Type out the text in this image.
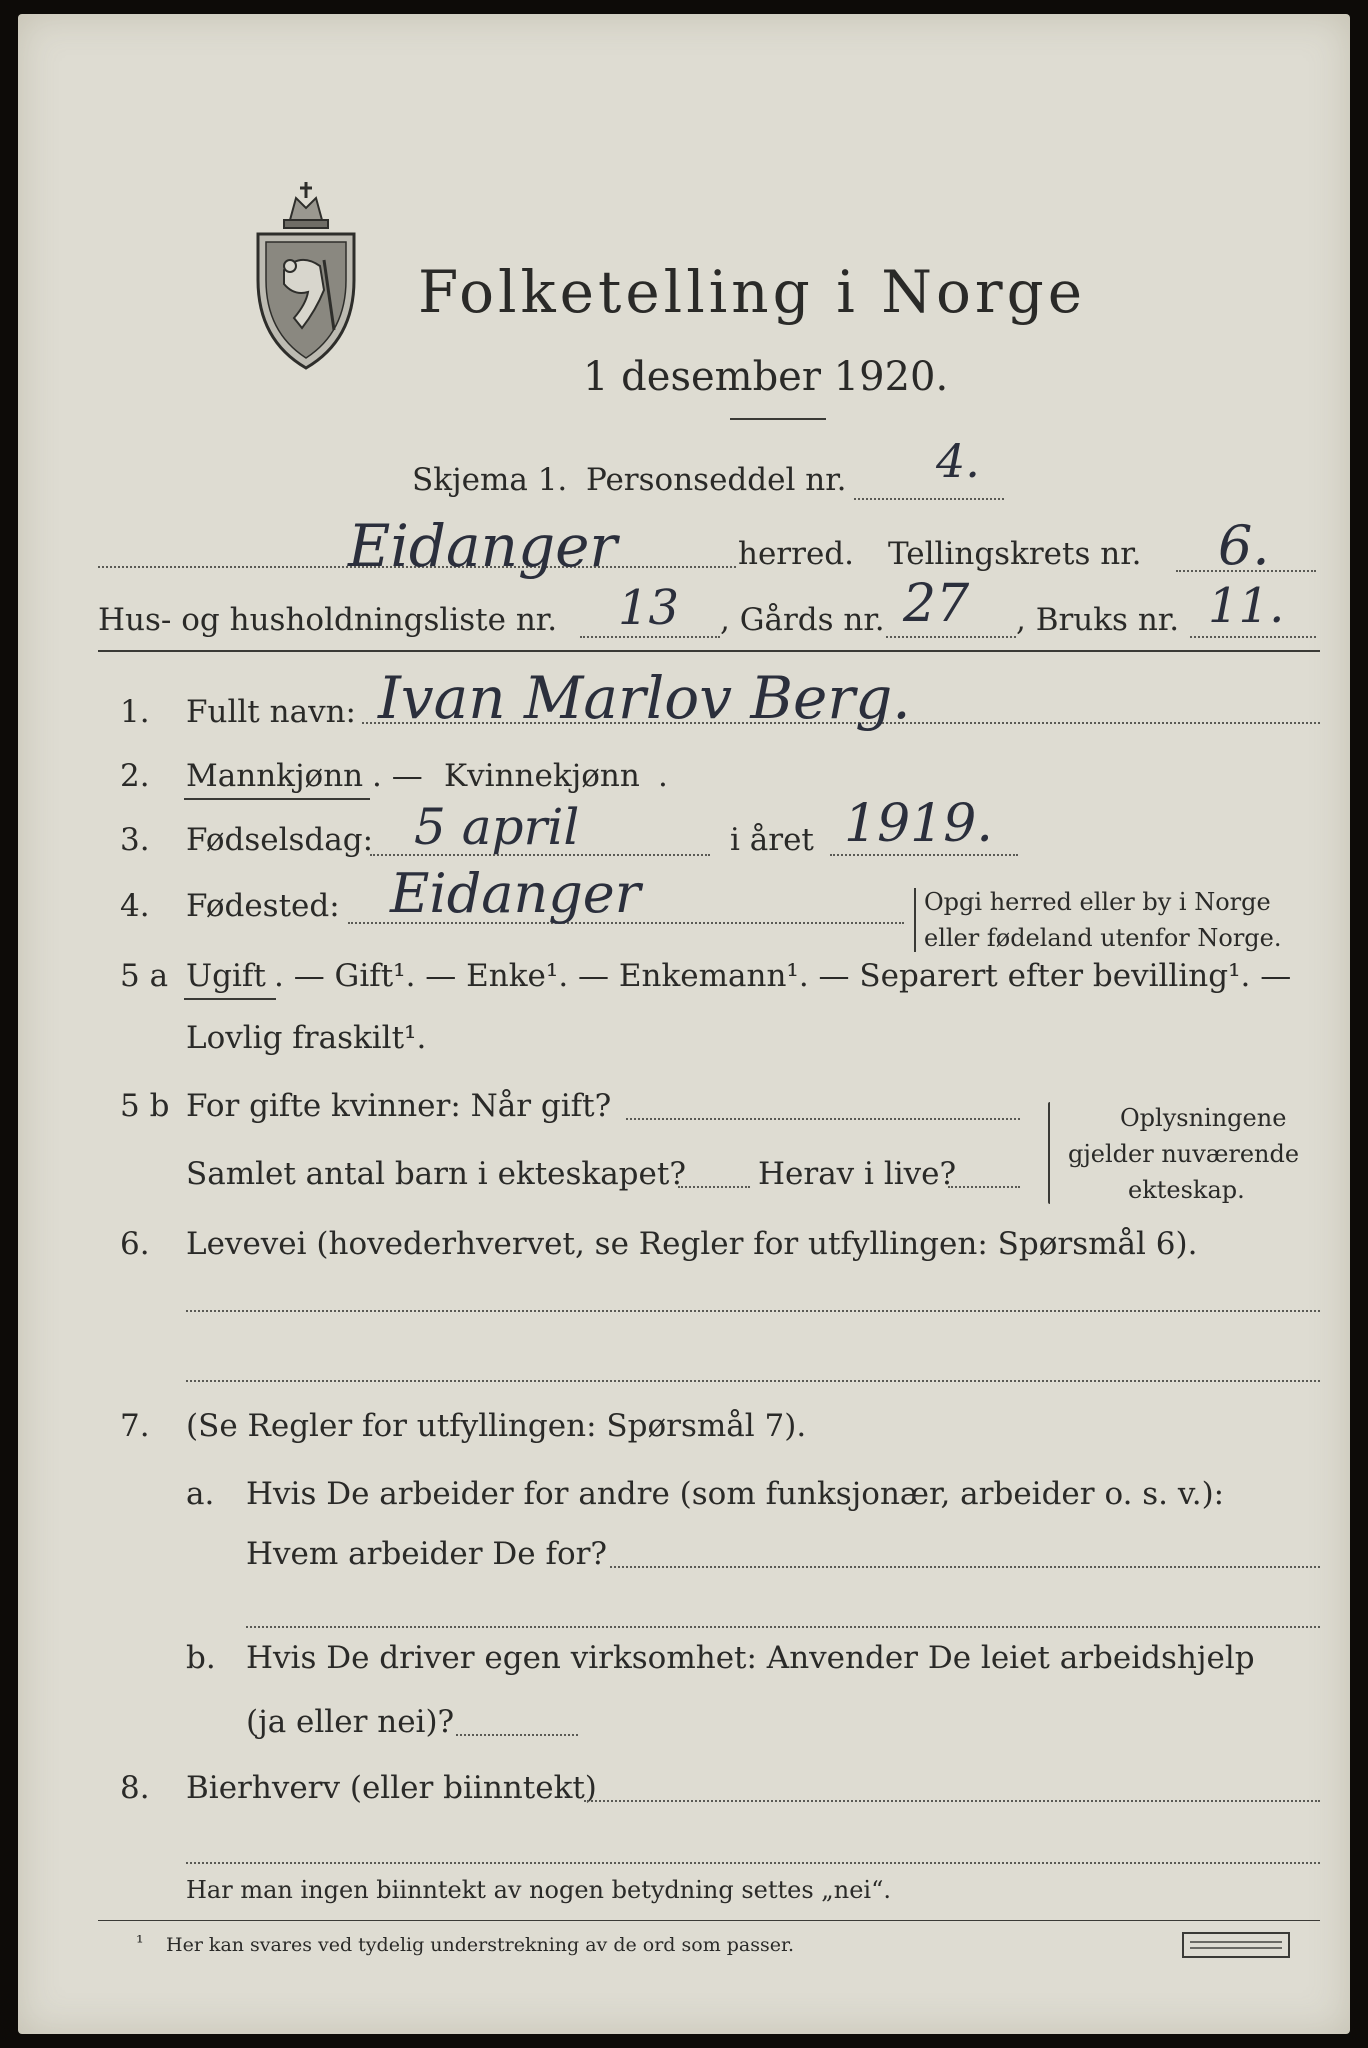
Folketelling i Norge
1 desember 1920.
Skjema 1. Personseddel nr. 4.
Eidanger	herred. Tellingskrets nr. 6.
Hus- og husholdningsliste nr. 13 , Gårds nr. 27 , Bruks nr. 11.
1. Fullt navn: Ivan Marlov Berg.
2. Mannkjønn . — Kvinnekjønn .
3. Fødselsdag: 5 april	i året 1919.
4. Fødested: Eidanger	Opgi herred eller by i Norge
eller fødeland utenfor Norge.
5 a Ugift . — Gift¹. — Enke¹. — Enkemann¹. — Separert efter bevilling¹. —
Lovlig fraskilt¹.
5 b For gifte kvinner: Når gift?
Samlet antal barn i ekteskapet? Herav i live?
Oplysningene
gjelder nuværende
ekteskap.
6. Levevei (hovederhvervet, se Regler for utfyllingen: Spørsmål 6).
7. (Se Regler for utfyllingen: Spørsmål 7).
a. Hvis De arbeider for andre (som funksjonær, arbeider o. s. v.):
Hvem arbeider De for?
b. Hvis De driver egen virksomhet: Anvender De leiet arbeidshjelp
(ja eller nei)?
8. Bierhverv (eller biinntekt)
Har man ingen biinntekt av nogen betydning settes „nei“.
¹ Her kan svares ved tydelig understrekning av de ord som passer.
